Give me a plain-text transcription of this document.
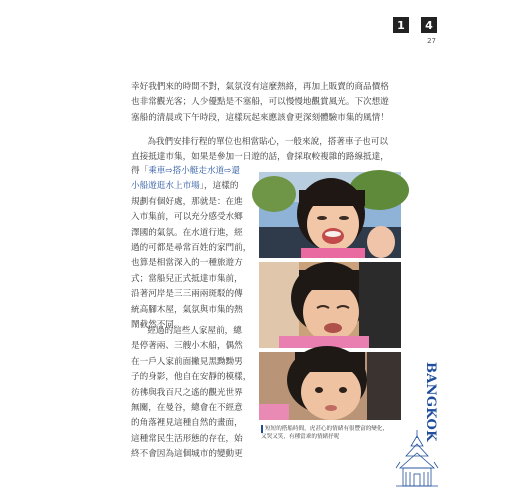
1	4
27

幸好我們來的時間不對，氣氛沒有這麼熱絡，再加上販賣的商品價格

也非常觀光客；人少優點是不塞船，可以慢慢地觀賞風光。下次想遊

塞船的清晨或下午時段，這樣玩起來應該會更深刻體驗市集的風情！

為我們安排行程的單位也相當貼心，一般來說，搭著車子也可以

直接抵達市集，如果是參加一日遊的話，會採取較複雜的路線抵達，

得「乘車⇨搭小艇走水道⇨還

小船遊逛水上市場」，這樣的

規劃有個好處，那就是：在進

入市集前，可以充分感受水鄉

澤國的氣氛。在水道行進，經

過的可都是尋常百姓的家門前，

也算是相當深入的一種旅遊方

式；當船兒正式抵達市集前，

沿著河岸是三三兩兩斑駁的傳

統高腳木屋，氣氛與市集的熱

鬧截然不同。

經過的這些人家屋前，總

是停著兩、三艘小木船，偶然

在一戶人家前面撇見黑黝黝男

子的身影，他自在安靜的模樣，

彷彿與我百尺之遙的觀光世界

無關，在曼谷，總會在不經意

的角落裡見這種自然的畫面，

這種常民生活形態的存在，始

終不會因為這個城市的變動更

短短的搭船時間，虎甚心的情緒有很豐富的變化，
又哭又笑，有種當乖的情緒抒呢	BANGKOK
